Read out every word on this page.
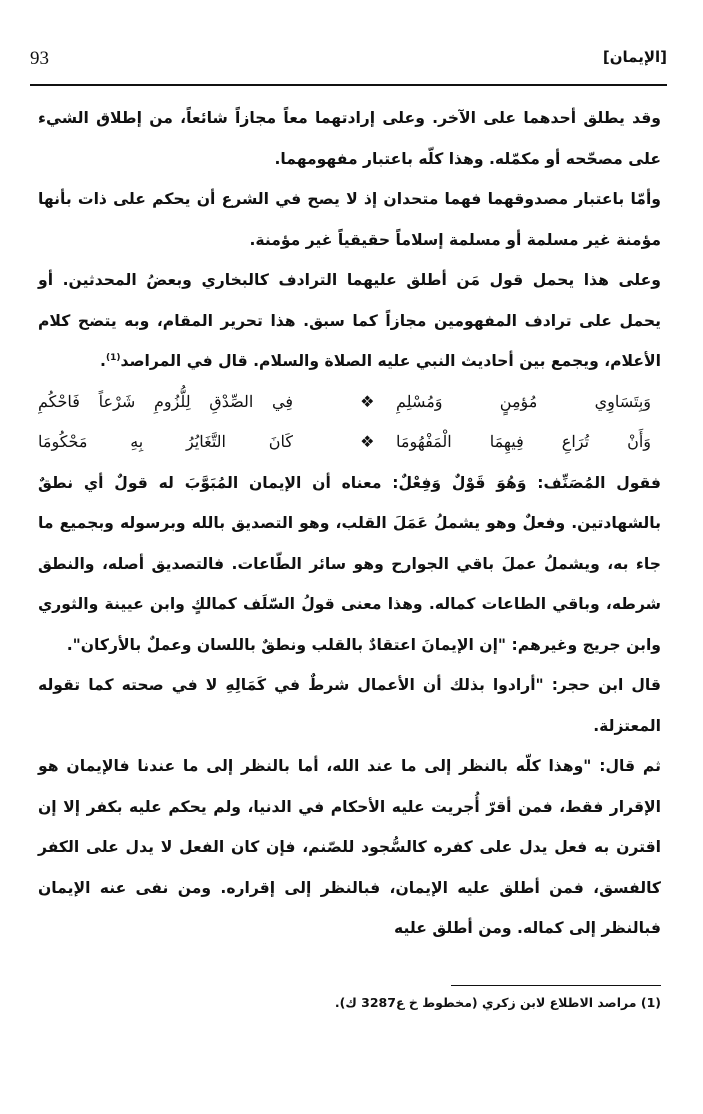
93	[الإيمان]

وقد يطلق أحدهما على الآخر. وعلى إرادتهما معاً مجازاً شائعاً، من إطلاق الشيء على مصحّحه أو مكمّله. وهذا كلّه باعتبار مفهومهما.

وأمّا باعتبار مصدوقهما فهما متحدان إذ لا يصح في الشرع أن يحكم على ذات بأنها مؤمنة غير مسلمة أو مسلمة إسلاماً حقيقياً غير مؤمنة.

وعلى هذا يحمل قول مَن أطلق عليهما الترادف كالبخاري وبعضُ المحدثين. أو يحمل على ترادف المفهومين مجازاً كما سبق. هذا تحرير المقام، وبه يتضح كلام الأعلام، ويجمع بين أحاديث النبي عليه الصلاة والسلام. قال في المراصد$^{(1)}$.

وَبِتَسَاوِي مُؤمِنٍ وَمُسْلِمِ
❖
فِي الصِّدْقِ لِلُّزُومِ شَرْعاً فَاحْكُمِ
وَأَنْ تُرَاعِ فِيهِمَا الْمَفْهُومَا
❖
كَانَ التَّغَايُرُ بِهِ مَحْكُومَا

فقول المُصَنِّف: وَهُوَ قَوْلٌ وَفِعْلٌ: معناه أن الإيمان المُبَوَّبَ له قولٌ أي نطقٌ بالشهادتين. وفعلٌ وهو يشملُ عَمَلَ القلب، وهو التصديق بالله وبرسوله وبجميع ما جاء به، ويشملُ عملَ باقي الجوارح وهو سائر الطّاعات. فالتصديق أصله، والنطق شرطه، وباقي الطاعات كماله. وهذا معنى قولُ السّلَف كمالكٍ وابن عيينة والثوري وابن جريج وغيرهم: "إن الإيمانَ اعتقادٌ بالقلب ونطقٌ باللسان وعملٌ بالأركان".

قال ابن حجر: "أرادوا بذلك أن الأعمال شرطٌ في كَمَالِهِ لا في صحته كما تقوله المعتزلة.

ثم قال: "وهذا كلّه بالنظر إلى ما عند الله، أما بالنظر إلى ما عندنا فالإيمان هو الإقرار فقط، فمن أقرّ أُجريت عليه الأحكام في الدنيا، ولم يحكم عليه بكفر إلا إن اقترن به فعل يدل على كفره كالسُّجود للصّنم، فإن كان الفعل لا يدل على الكفر كالفسق، فمن أطلق عليه الإيمان، فبالنظر إلى إقراره. ومن نفى عنه الإيمان فبالنظر إلى كماله. ومن أطلق عليه

(1) مراصد الاطلاع لابن زكري (مخطوط خ ع3287 ك).
